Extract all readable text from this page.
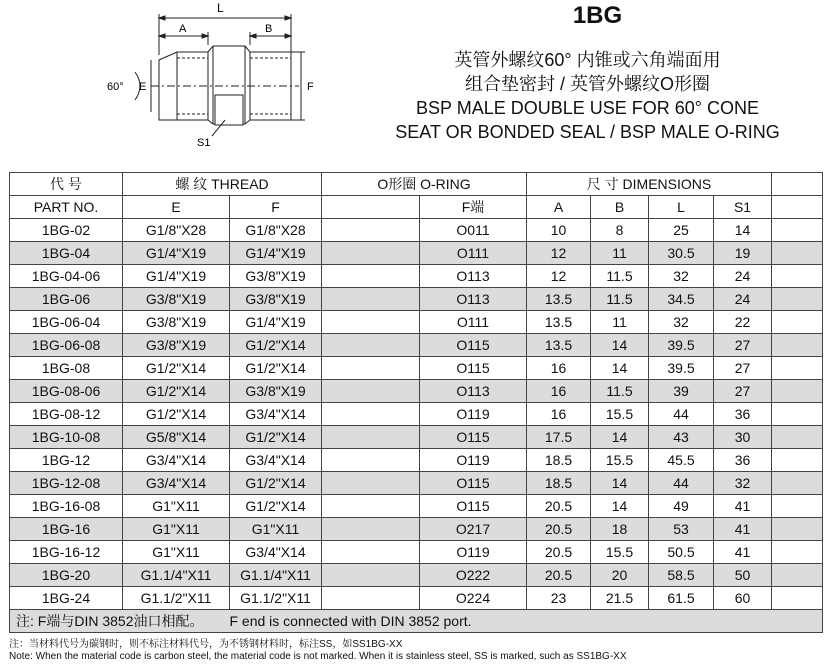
1BG
英管外螺纹60° 内锥或六角端面用
组合垫密封 / 英管外螺纹O形圈
BSP MALE DOUBLE USE FOR 60° CONE
SEAT OR BONDED SEAL / BSP MALE O-RING
L
A	B
60° E	F
S1
代 号	螺 纹 THREAD		O形圈 O-RING		尺 寸 DIMENSIONS				
PART NO.	E	F		F端	A	B	L	S1	
1BG-02	G1/8"X28	G1/8"X28		O011	10	8	25	14	
1BG-04	G1/4"X19	G1/4"X19		O111	12	11	30.5	19	
1BG-04-06	G1/4"X19	G3/8"X19		O113	12	11.5	32	24	
1BG-06	G3/8"X19	G3/8"X19		O113	13.5	11.5	34.5	24	
1BG-06-04	G3/8"X19	G1/4"X19		O111	13.5	11	32	22	
1BG-06-08	G3/8"X19	G1/2"X14		O115	13.5	14	39.5	27	
1BG-08	G1/2"X14	G1/2"X14		O115	16	14	39.5	27	
1BG-08-06	G1/2"X14	G3/8"X19		O113	16	11.5	39	27	
1BG-08-12	G1/2"X14	G3/4"X14		O119	16	15.5	44	36	
1BG-10-08	G5/8"X14	G1/2"X14		O115	17.5	14	43	30	
1BG-12	G3/4"X14	G3/4"X14		O119	18.5	15.5	45.5	36	
1BG-12-08	G3/4"X14	G1/2"X14		O115	18.5	14	44	32	
1BG-16-08	G1"X11	G1/2"X14		O115	20.5	14	49	41	
1BG-16	G1"X11	G1"X11		O217	20.5	18	53	41	
1BG-16-12	G1"X11	G3/4"X14		O119	20.5	15.5	50.5	41	
1BG-20	G1.1/4"X11	G1.1/4"X11		O222	20.5	20	58.5	50	
1BG-24	G1.1/2"X11	G1.1/2"X11		O224	23	21.5	61.5	60	
注: F端与DIN 3852油口相配。 F end is connected with DIN 3852 port.									
注：当材料代号为碳钢时，则不标注材料代号，为不锈钢材料时，标注SS，如SS1BG-XX
Note: When the material code is carbon steel, the material code is not marked. When it is stainless steel, SS is marked, such as SS1BG-XX
